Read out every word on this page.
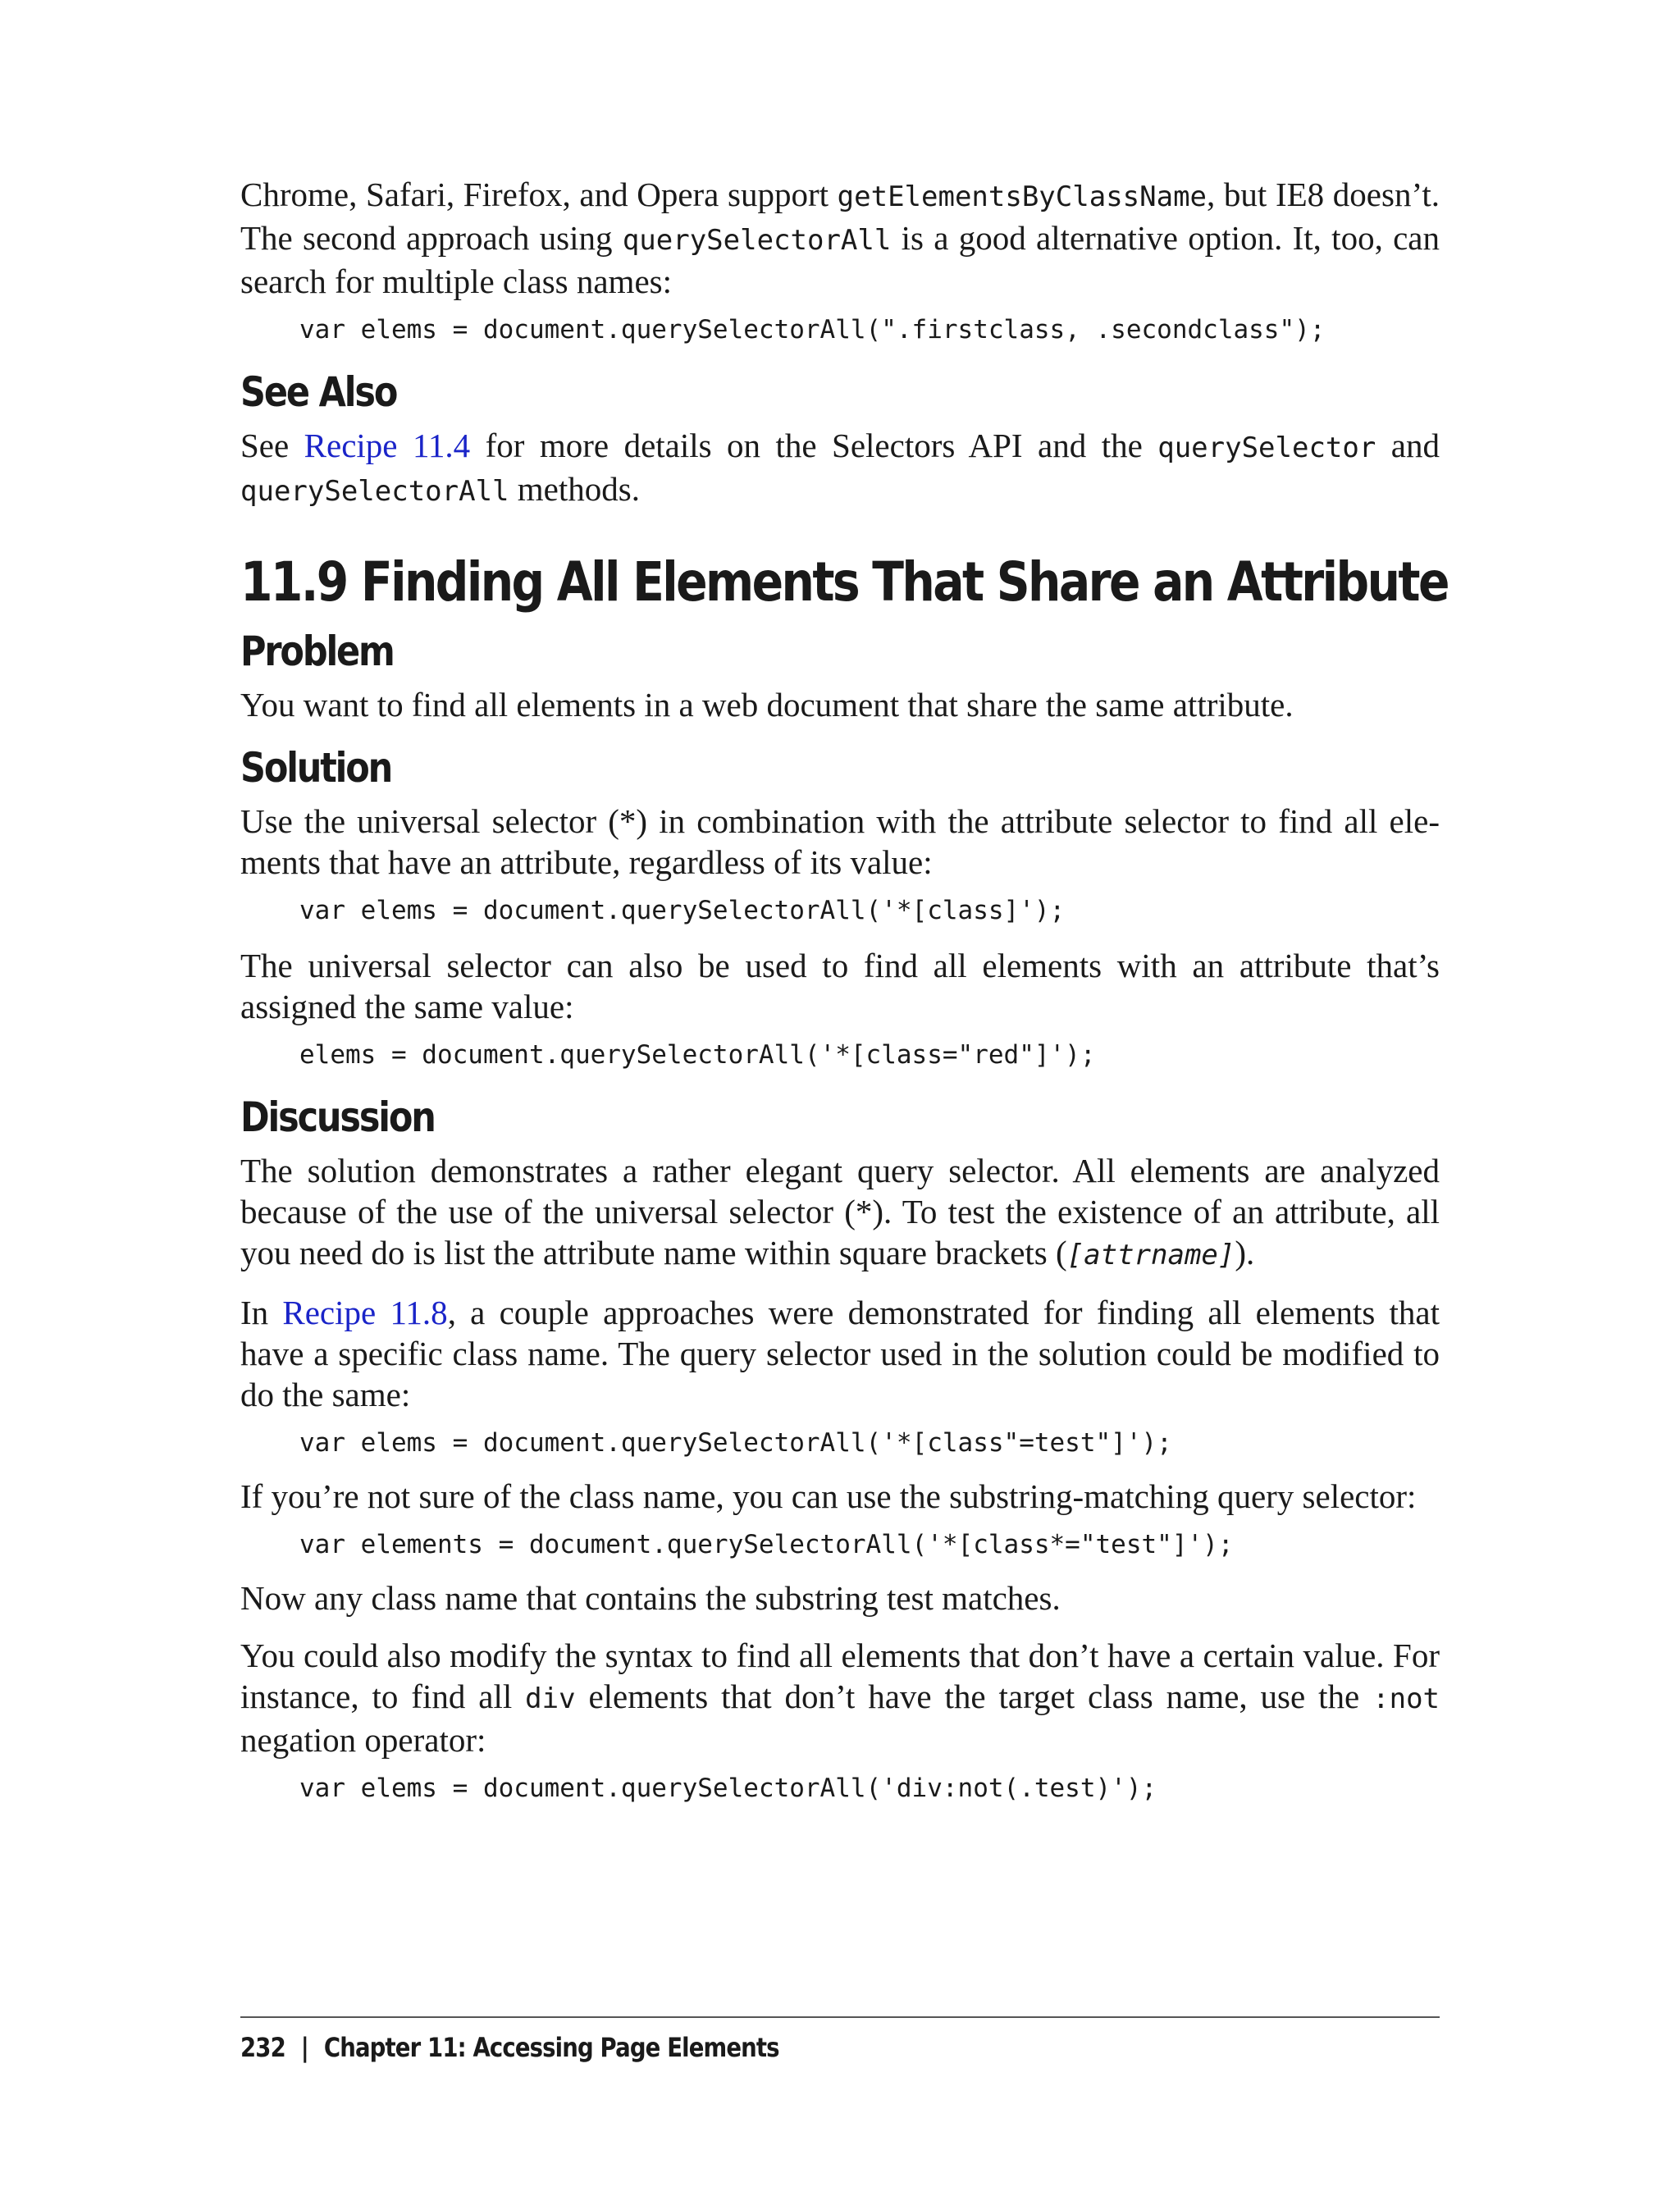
Chrome, Safari, Firefox, and Opera support getElementsByClassName, but IE8 doesn’t. The second approach using querySelectorAll is a good alternative option. It, too, can search for multiple class names:

var elems = document.querySelectorAll(".firstclass, .secondclass");
See Also

See Recipe 11.4 for more details on the Selectors API and the querySelector and querySelectorAll methods.

11.9 Finding All Elements That Share an Attribute
Problem

You want to find all elements in a web document that share the same attribute.

Solution

Use the universal selector (*) in combination with the attribute selector to find all ele-ments that have an attribute, regardless of its value:

var elems = document.querySelectorAll('*[class]');

The universal selector can also be used to find all elements with an attribute that’s assigned the same value:

elems = document.querySelectorAll('*[class="red"]');
Discussion

The solution demonstrates a rather elegant query selector. All elements are analyzed because of the use of the universal selector (*). To test the existence of an attribute, all you need do is list the attribute name within square brackets ([attrname]).

In Recipe 11.8, a couple approaches were demonstrated for finding all elements that have a specific class name. The query selector used in the solution could be modified to do the same:

var elems = document.querySelectorAll('*[class"=test"]');

If you’re not sure of the class name, you can use the substring-matching query selector:

var elements = document.querySelectorAll('*[class*="test"]');

Now any class name that contains the substring test matches.

You could also modify the syntax to find all elements that don’t have a certain value. For instance, to find all div elements that don’t have the target class name, use the :not negation operator:

var elems = document.querySelectorAll('div:not(.test)');
232 | Chapter 11: Accessing Page Elements
